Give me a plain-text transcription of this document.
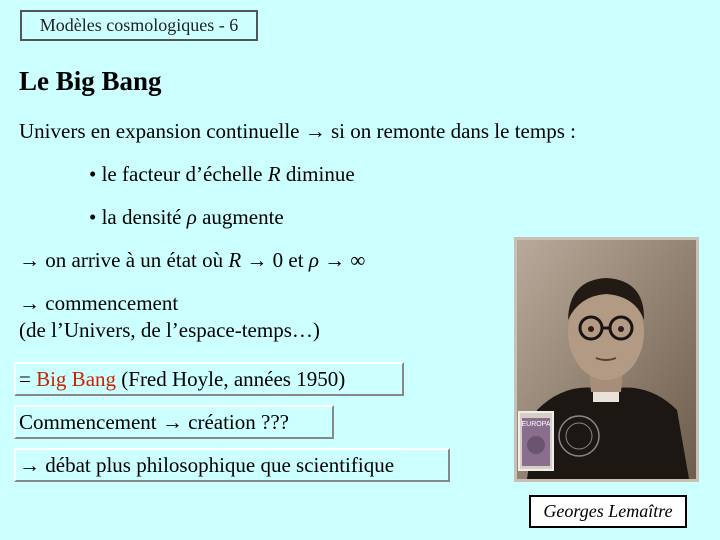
Modèles cosmologiques - 6
Le Big Bang
Univers en expansion continuelle → si on remonte dans le temps :
• le facteur d’échelle R diminue
• la densité ρ augmente
→ on arrive à un état où R → 0 et ρ → ∞
→ commencement
(de l’Univers, de l’espace-temps…)
= Big Bang (Fred Hoyle, années 1950)
Commencement → création ???
→ débat plus philosophique que scientifique
EUROPA
Georges Lemaître
